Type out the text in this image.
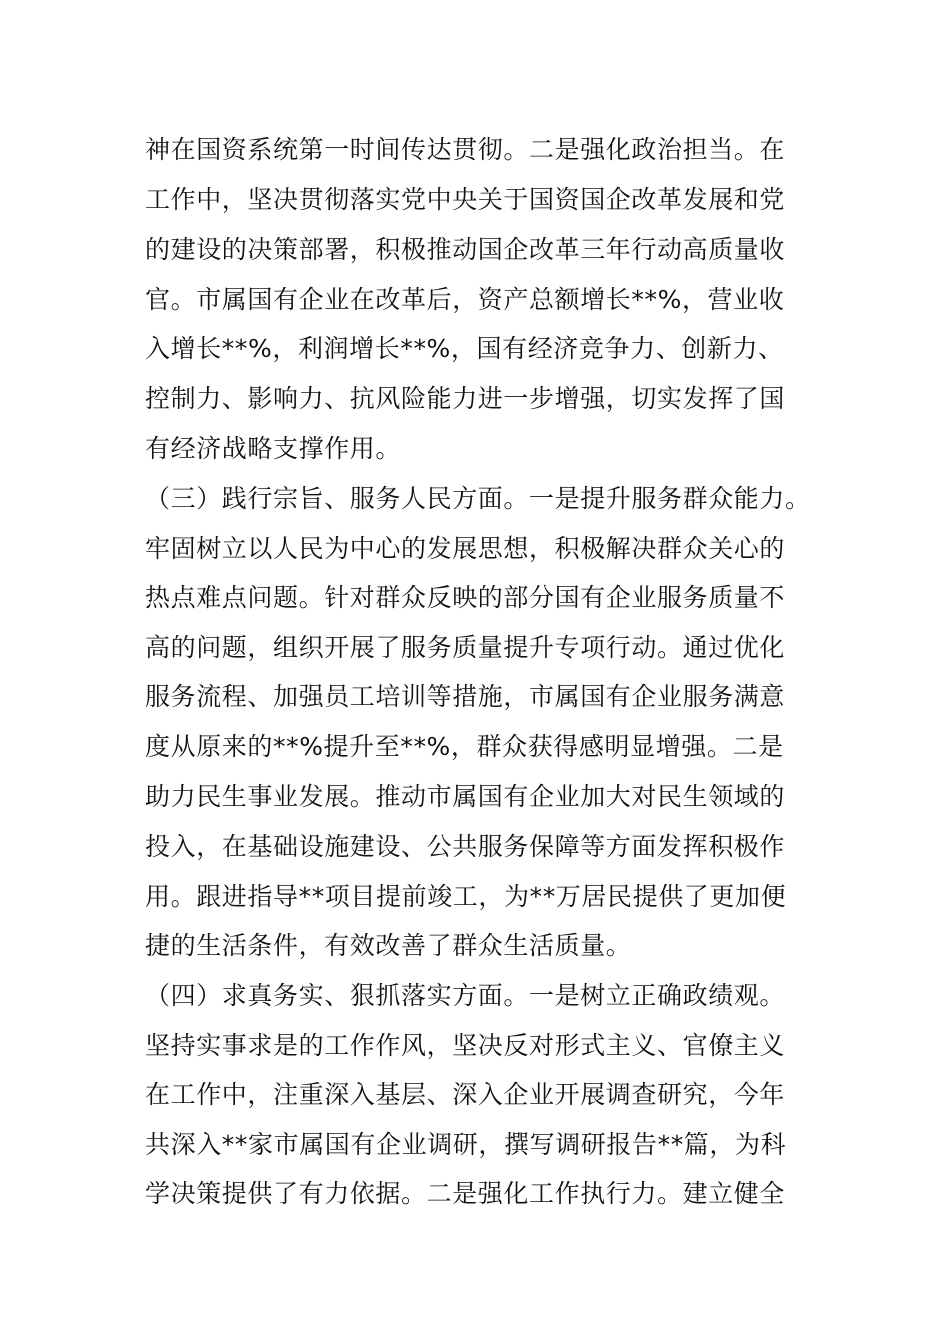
神在国资系统第一时间传达贯彻。二是强化政治担当。在
工作中，坚决贯彻落实党中央关于国资国企改革发展和党
的建设的决策部署，积极推动国企改革三年行动高质量收
官。市属国有企业在改革后，资产总额增长**%，营业收
入增长**%，利润增长**%，国有经济竞争力、创新力、
控制力、影响力、抗风险能力进一步增强，切实发挥了国
有经济战略支撑作用。
（三）践行宗旨、服务人民方面。一是提升服务群众能力。
牢固树立以人民为中心的发展思想，积极解决群众关心的
热点难点问题。针对群众反映的部分国有企业服务质量不
高的问题，组织开展了服务质量提升专项行动。通过优化
服务流程、加强员工培训等措施，市属国有企业服务满意
度从原来的**%提升至**%，群众获得感明显增强。二是
助力民生事业发展。推动市属国有企业加大对民生领域的
投入，在基础设施建设、公共服务保障等方面发挥积极作
用。跟进指导**项目提前竣工，为**万居民提供了更加便
捷的生活条件，有效改善了群众生活质量。
（四）求真务实、狠抓落实方面。一是树立正确政绩观。
坚持实事求是的工作作风，坚决反对形式主义、官僚主义
在工作中，注重深入基层、深入企业开展调查研究，今年
共深入**家市属国有企业调研，撰写调研报告**篇，为科
学决策提供了有力依据。二是强化工作执行力。建立健全
